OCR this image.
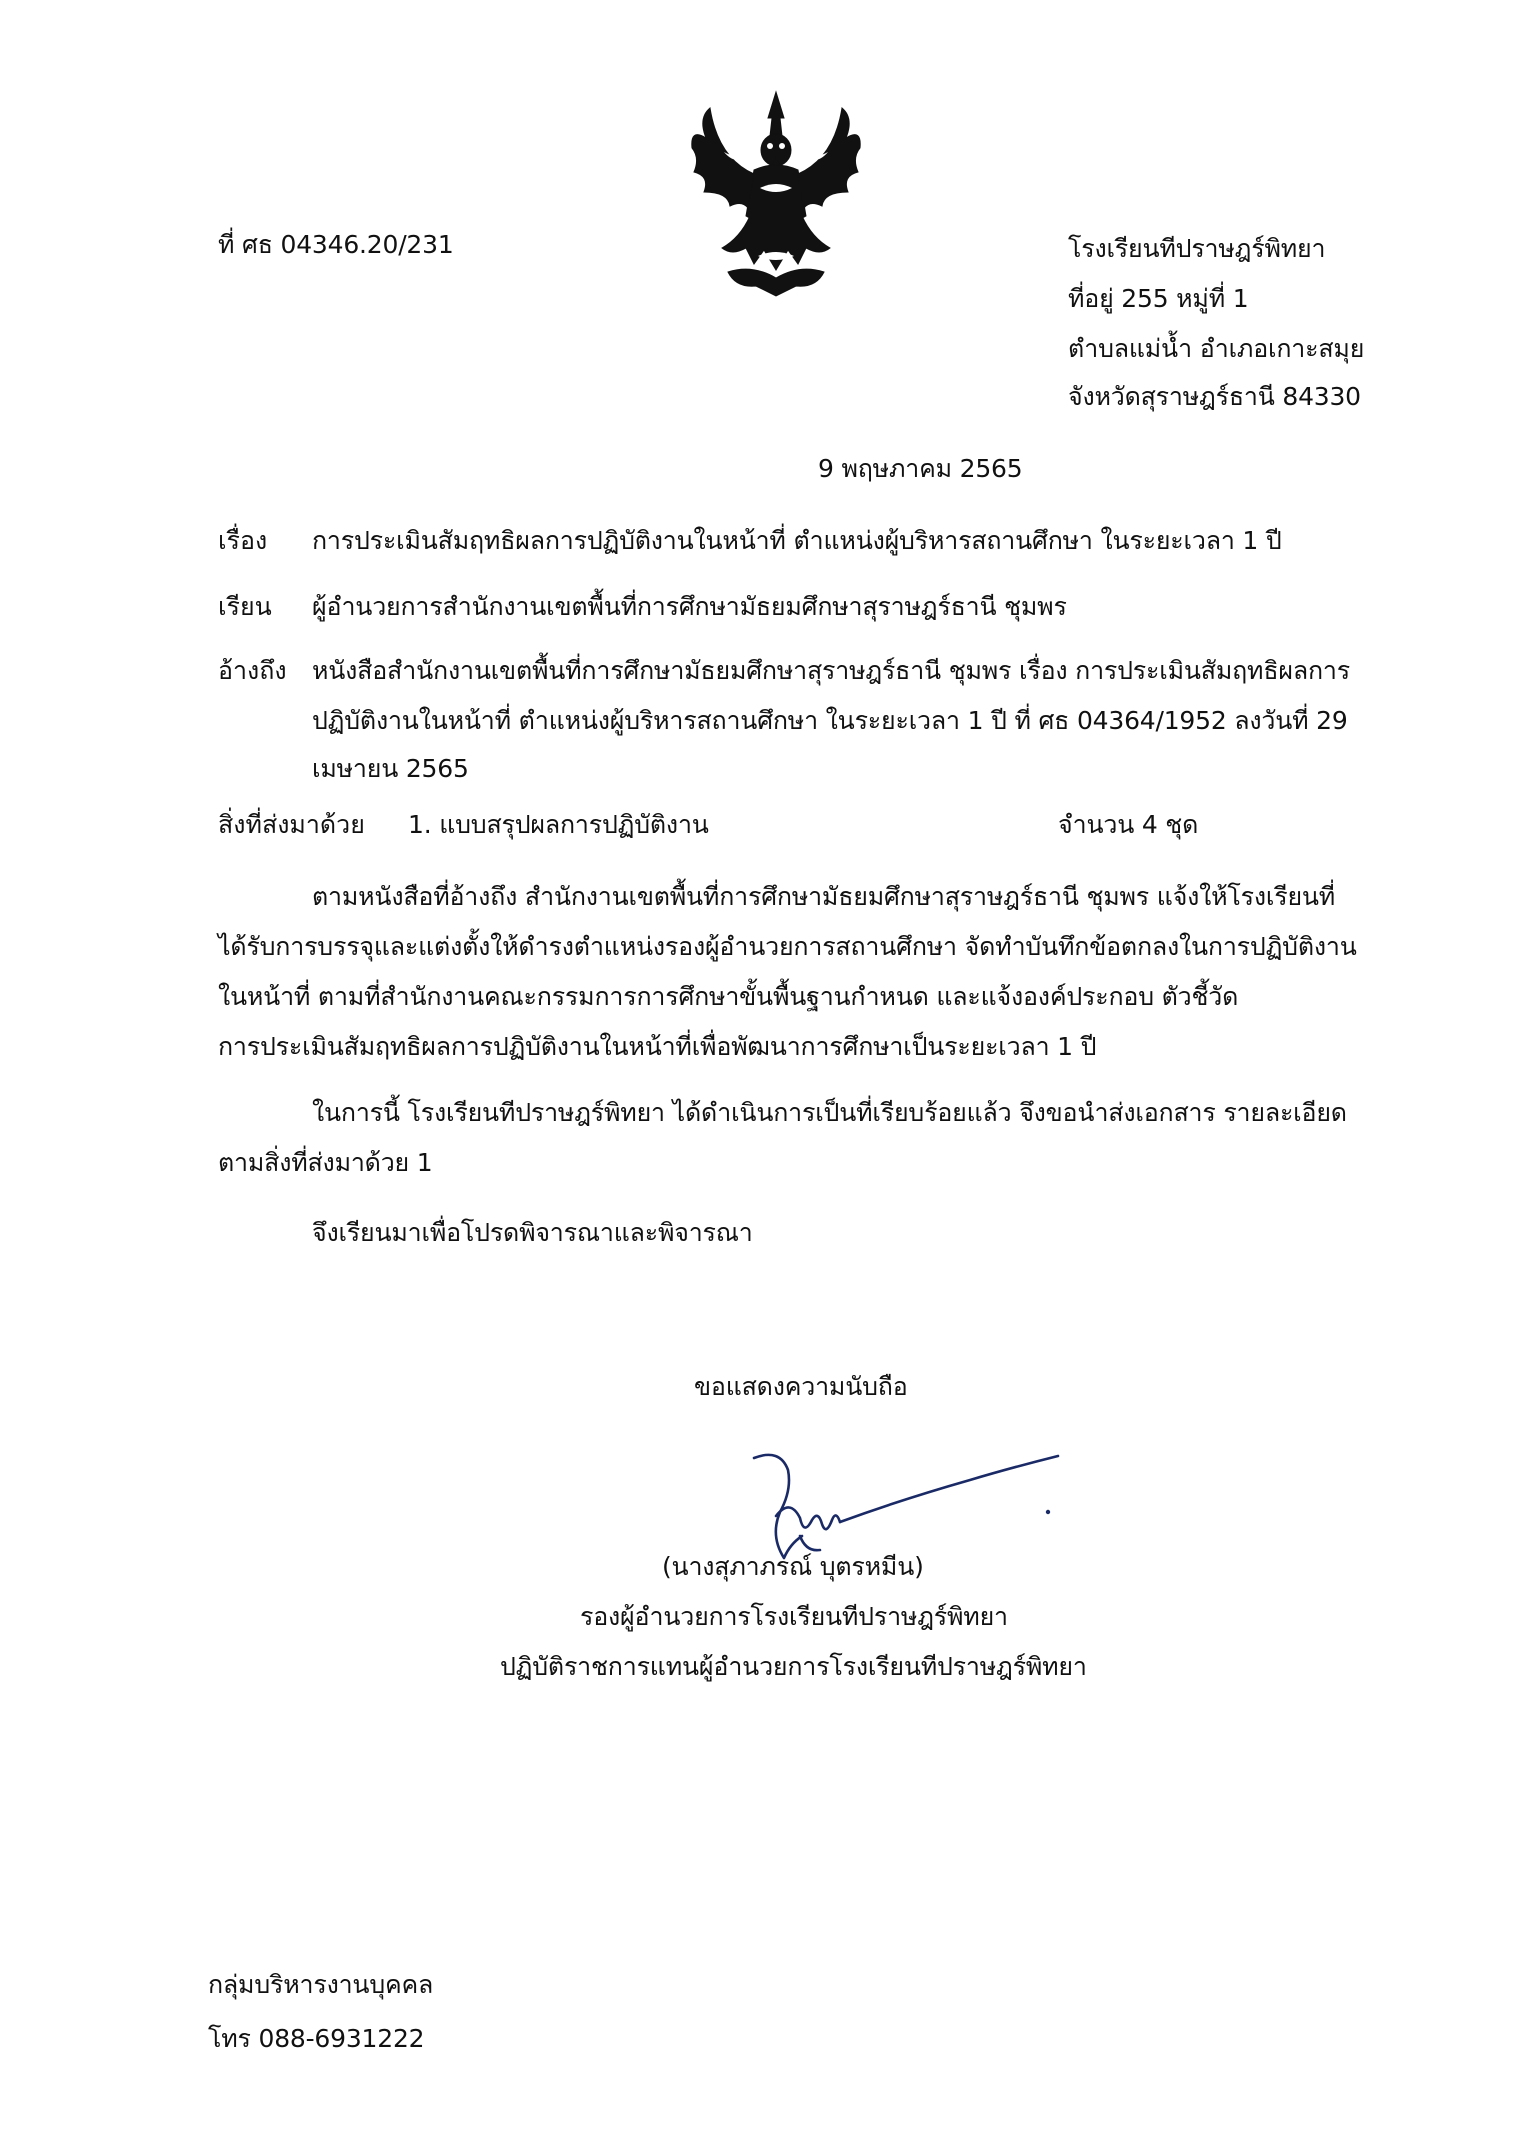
ที่ ศธ 04346.20/231	โรงเรียนทีปราษฎร์พิทยา
ที่อยู่ 255 หมู่ที่ 1
ตำบลแม่น้ำ อำเภอเกาะสมุย
จังหวัดสุราษฎร์ธานี 84330
9 พฤษภาคม 2565
เรื่อง การประเมินสัมฤทธิผลการปฏิบัติงานในหน้าที่ ตำแหน่งผู้บริหารสถานศึกษา ในระยะเวลา 1 ปี
เรียน ผู้อำนวยการสำนักงานเขตพื้นที่การศึกษามัธยมศึกษาสุราษฎร์ธานี ชุมพร
อ้างถึง หนังสือสำนักงานเขตพื้นที่การศึกษามัธยมศึกษาสุราษฎร์ธานี ชุมพร เรื่อง การประเมินสัมฤทธิผลการ
ปฏิบัติงานในหน้าที่ ตำแหน่งผู้บริหารสถานศึกษา ในระยะเวลา 1 ปี ที่ ศธ 04364/1952 ลงวันที่ 29
เมษายน 2565
สิ่งที่ส่งมาด้วย 1. แบบสรุปผลการปฏิบัติงาน	จำนวน 4 ชุด
ตามหนังสือที่อ้างถึง สำนักงานเขตพื้นที่การศึกษามัธยมศึกษาสุราษฎร์ธานี ชุมพร แจ้งให้โรงเรียนที่
ได้รับการบรรจุและแต่งตั้งให้ดำรงตำแหน่งรองผู้อำนวยการสถานศึกษา จัดทำบันทึกข้อตกลงในการปฏิบัติงาน
ในหน้าที่ ตามที่สำนักงานคณะกรรมการการศึกษาขั้นพื้นฐานกำหนด และแจ้งองค์ประกอบ ตัวชี้วัด
การประเมินสัมฤทธิผลการปฏิบัติงานในหน้าที่เพื่อพัฒนาการศึกษาเป็นระยะเวลา 1 ปี
ในการนี้ โรงเรียนทีปราษฎร์พิทยา ได้ดำเนินการเป็นที่เรียบร้อยแล้ว จึงขอนำส่งเอกสาร รายละเอียด
ตามสิ่งที่ส่งมาด้วย 1
จึงเรียนมาเพื่อโปรดพิจารณาและพิจารณา
ขอแสดงความนับถือ
(นางสุภาภรณ์ บุตรหมีน)
รองผู้อำนวยการโรงเรียนทีปราษฎร์พิทยา
ปฏิบัติราชการแทนผู้อำนวยการโรงเรียนทีปราษฎร์พิทยา
กลุ่มบริหารงานบุคคล
โทร 088-6931222
